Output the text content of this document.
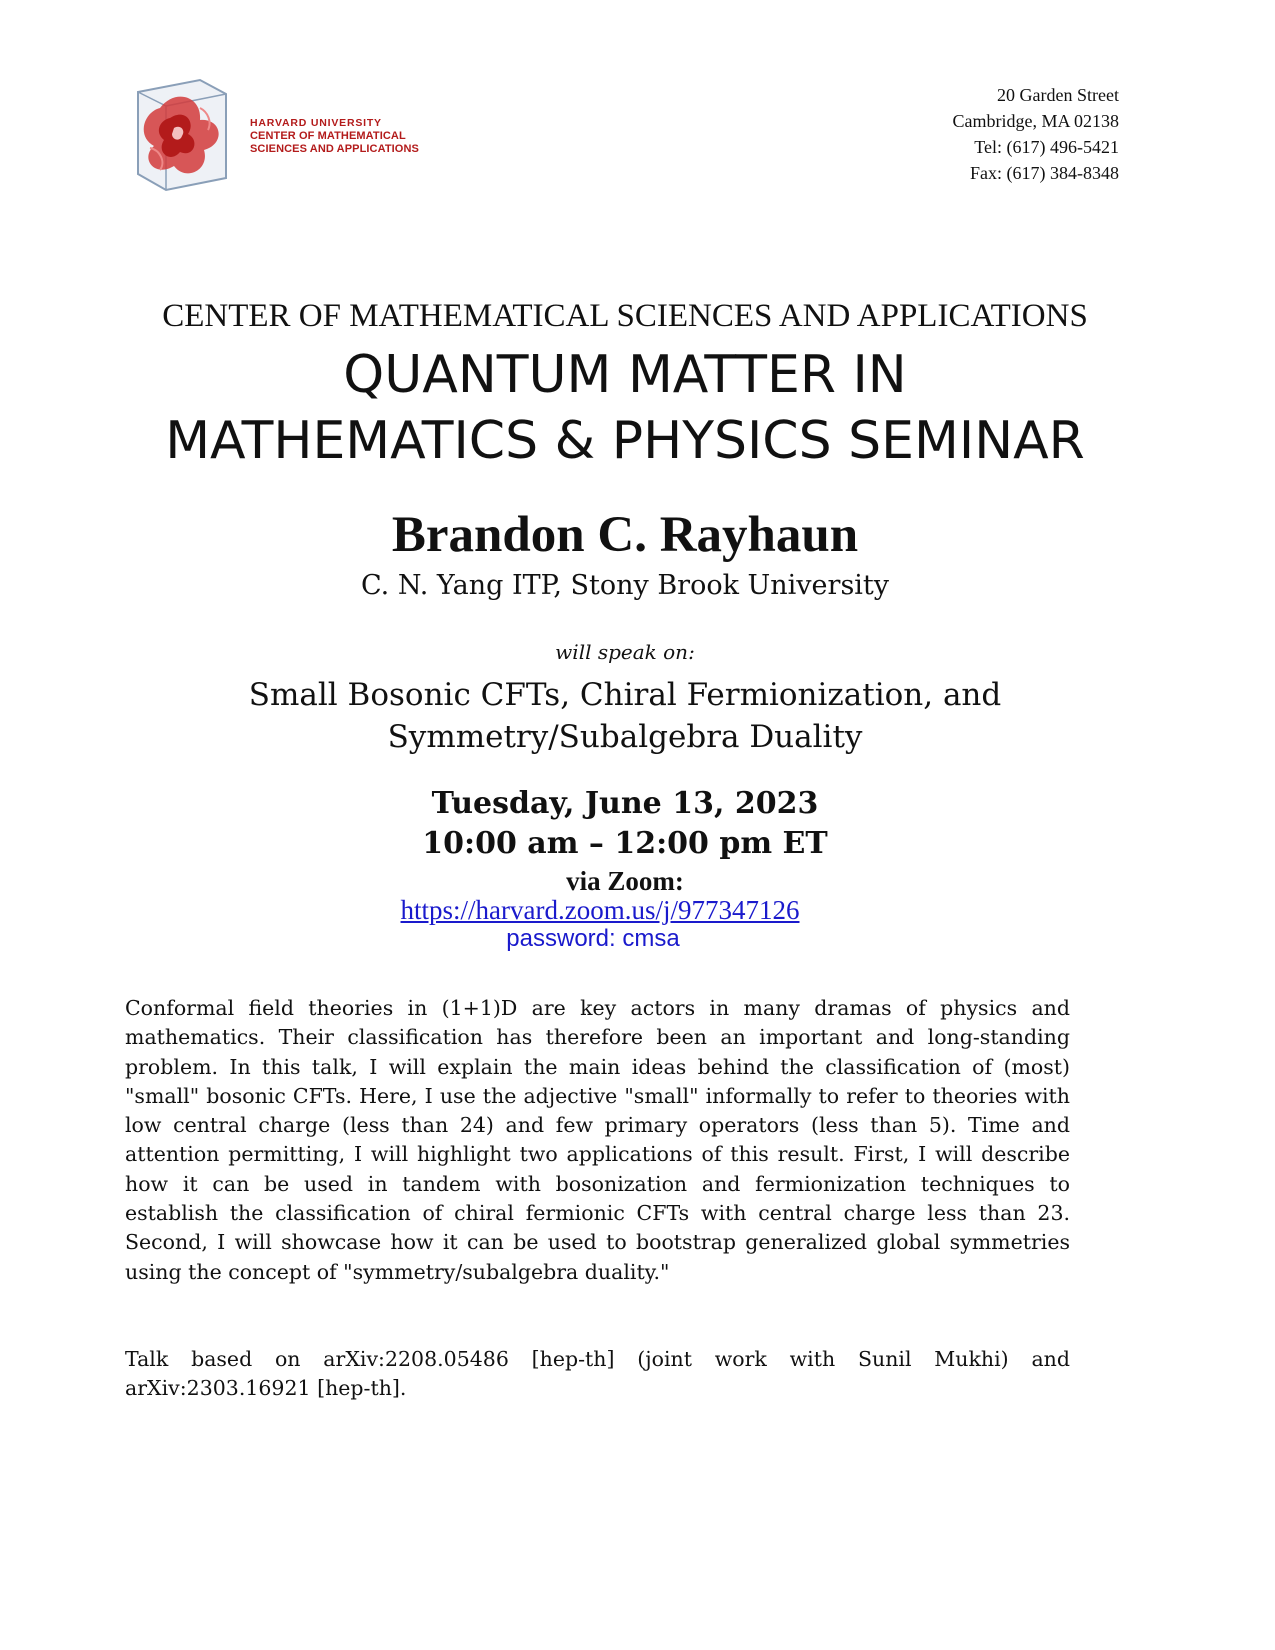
HARVARD UNIVERSITY
CENTER OF MATHEMATICAL
SCIENCES AND APPLICATIONS
20 Garden Street
Cambridge, MA 02138
Tel: (617) 496-5421
Fax: (617) 384-8348
CENTER OF MATHEMATICAL SCIENCES AND APPLICATIONS
QUANTUM MATTER IN
MATHEMATICS & PHYSICS SEMINAR
Brandon C. Rayhaun
C. N. Yang ITP, Stony Brook University
will speak on:
Small Bosonic CFTs, Chiral Fermionization, and
Symmetry/Subalgebra Duality
Tuesday, June 13, 2023
10:00 am – 12:00 pm ET
via Zoom:
https://harvard.zoom.us/j/977347126
password: cmsa

Conformal field theories in (1+1)D are key actors in many dramas of physics and mathematics. Their classification has therefore been an important and long-standing problem. In this talk, I will explain the main ideas behind the classification of (most) "small" bosonic CFTs. Here, I use the adjective "small" informally to refer to theories with low central charge (less than 24) and few primary operators (less than 5). Time and attention permitting, I will highlight two applications of this result. First, I will describe how it can be used in tandem with bosonization and fermionization techniques to establish the classification of chiral fermionic CFTs with central charge less than 23. Second, I will showcase how it can be used to bootstrap generalized global symmetries using the concept of "symmetry/subalgebra duality."

Talk based on arXiv:2208.05486 [hep-th] (joint work with Sunil Mukhi) and arXiv:2303.16921 [hep-th].
